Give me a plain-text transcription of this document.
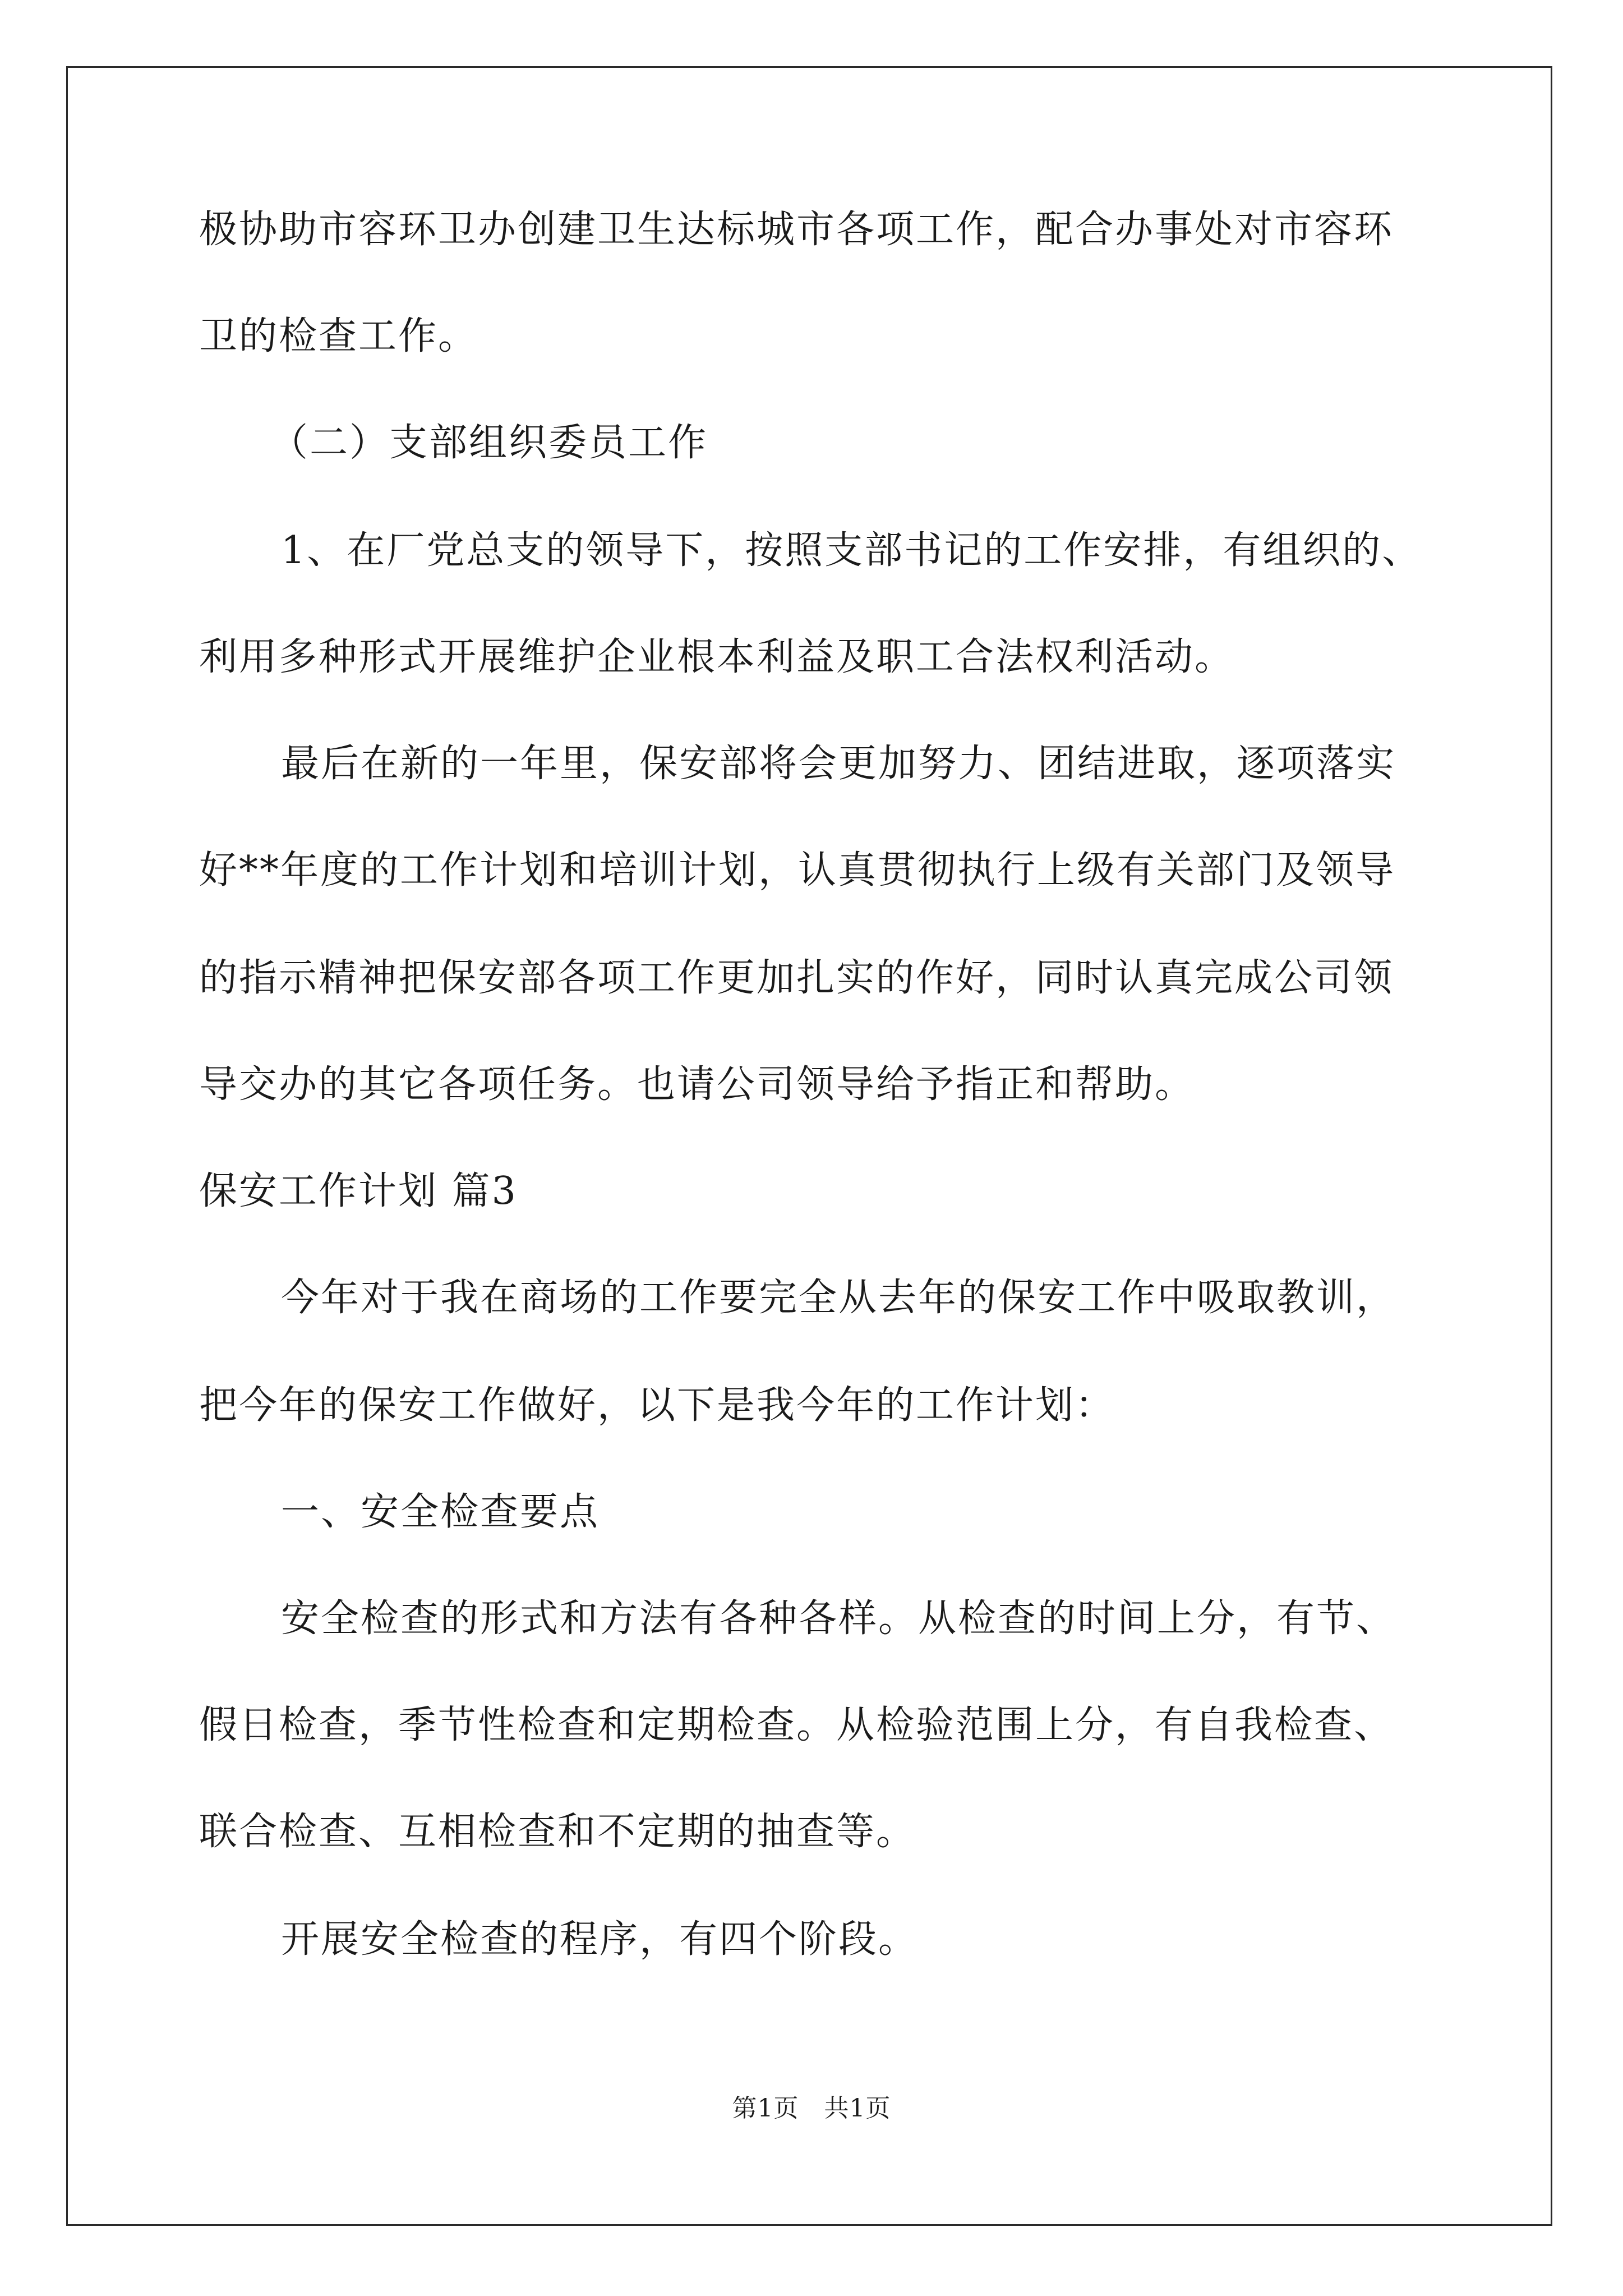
极协助市容环卫办创建卫生达标城市各项工作，配合办事处对市容环
卫的检查工作。
（二）支部组织委员工作
1、在厂党总支的领导下，按照支部书记的工作安排，有组织的、
利用多种形式开展维护企业根本利益及职工合法权利活动。
最后在新的一年里，保安部将会更加努力、团结进取，逐项落实
好**年度的工作计划和培训计划，认真贯彻执行上级有关部门及领导
的指示精神把保安部各项工作更加扎实的作好，同时认真完成公司领
导交办的其它各项任务。也请公司领导给予指正和帮助。
保安工作计划 篇3
今年对于我在商场的工作要完全从去年的保安工作中吸取教训，
把今年的保安工作做好，以下是我今年的工作计划：
一、安全检查要点
安全检查的形式和方法有各种各样。从检查的时间上分，有节、
假日检查，季节性检查和定期检查。从检验范围上分，有自我检查、
联合检查、互相检查和不定期的抽查等。
开展安全检查的程序，有四个阶段。
第1页　共1页
